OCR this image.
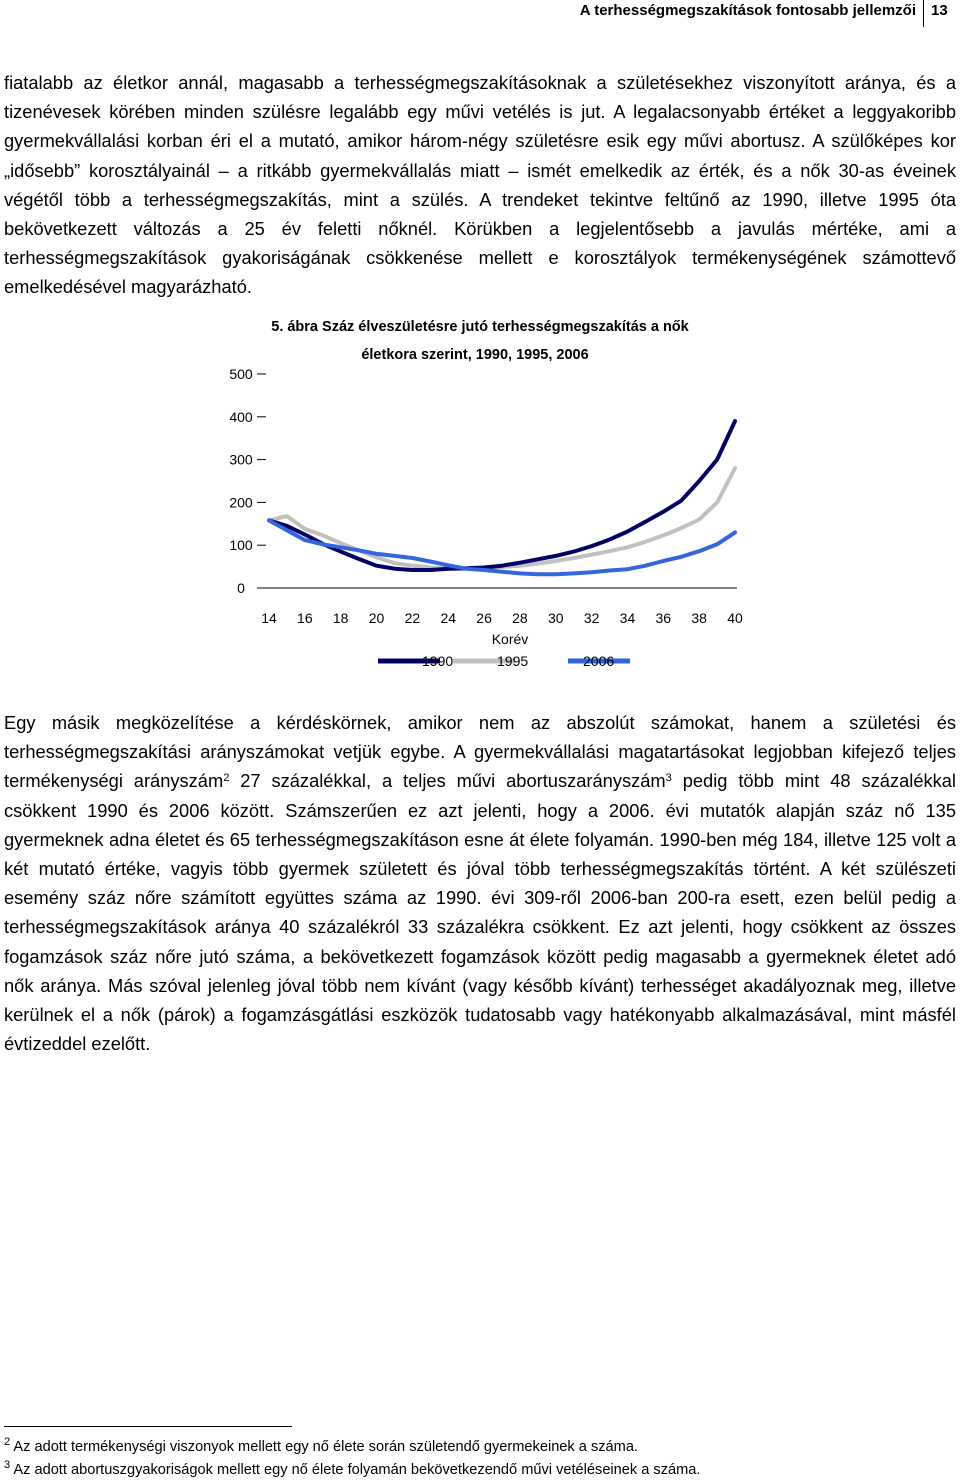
A terhességmegszakítások fontosabb jellemzői 13

fiatalabb az életkor annál, magasabb a terhességmegszakításoknak a születésekhez viszonyított aránya, és a tizenévesek körében minden szülésre legalább egy művi vetélés is jut. A legalacsonyabb értéket a leggyakoribb gyermekvállalási korban éri el a mutató, amikor három-négy születésre esik egy művi abortusz. A szülőképes kor „idősebb” korosztályainál – a ritkább gyermekvállalás miatt – ismét emelkedik az érték, és a nők 30-as éveinek végétől több a terhességmegszakítás, mint a szülés. A trendeket tekintve feltűnő az 1990, illetve 1995 óta bekövetkezett változás a 25 év feletti nőknél. Körükben a legjelentősebb a javulás mértéke, ami a terhességmegszakítások gyakoriságának csökkenése mellett e korosztályok termékenységének számottevő emelkedésével magyarázható.

5. ábra Száz élveszületésre jutó terhességmegszakítás a nők
életkora szerint, 1990, 1995, 2006
0
100
200
300
400
500
14 16 18 20 22 24 26 28 30 32 34 36 38 40
Korév
1990	1995	2006

Egy másik megközelítése a kérdéskörnek, amikor nem az abszolút számokat, hanem a születési és terhességmegszakítási arányszámokat vetjük egybe. A gyermekvállalási magatartásokat legjobban kifejező teljes termékenységi arányszám$^2$ 27 százalékkal, a teljes művi abortuszarányszám$^3$ pedig több mint 48 százalékkal csökkent 1990 és 2006 között. Számszerűen ez azt jelenti, hogy a 2006. évi mutatók alapján száz nő 135 gyermeknek adna életet és 65 terhességmegszakításon esne át élete folyamán. 1990-ben még 184, illetve 125 volt a két mutató értéke, vagyis több gyermek született és jóval több terhességmegszakítás történt. A két szülészeti esemény száz nőre számított együttes száma az 1990. évi 309-ről 2006-ban 200-ra esett, ezen belül pedig a terhességmegszakítások aránya 40 százalékról 33 százalékra csökkent. Ez azt jelenti, hogy csökkent az összes fogamzások száz nőre jutó száma, a bekövetkezett fogamzások között pedig magasabb a gyermeknek életet adó nők aránya. Más szóval jelenleg jóval több nem kívánt (vagy később kívánt) terhességet akadályoznak meg, illetve kerülnek el a nők (párok) a fogamzásgátlási eszközök tudatosabb vagy hatékonyabb alkalmazásával, mint másfél évtizeddel ezelőtt.

$^2$ Az adott termékenységi viszonyok mellett egy nő élete során születendő gyermekeinek a száma.

$^3$ Az adott abortuszgyakoriságok mellett egy nő élete folyamán bekövetkezendő művi vetéléseinek a száma.
